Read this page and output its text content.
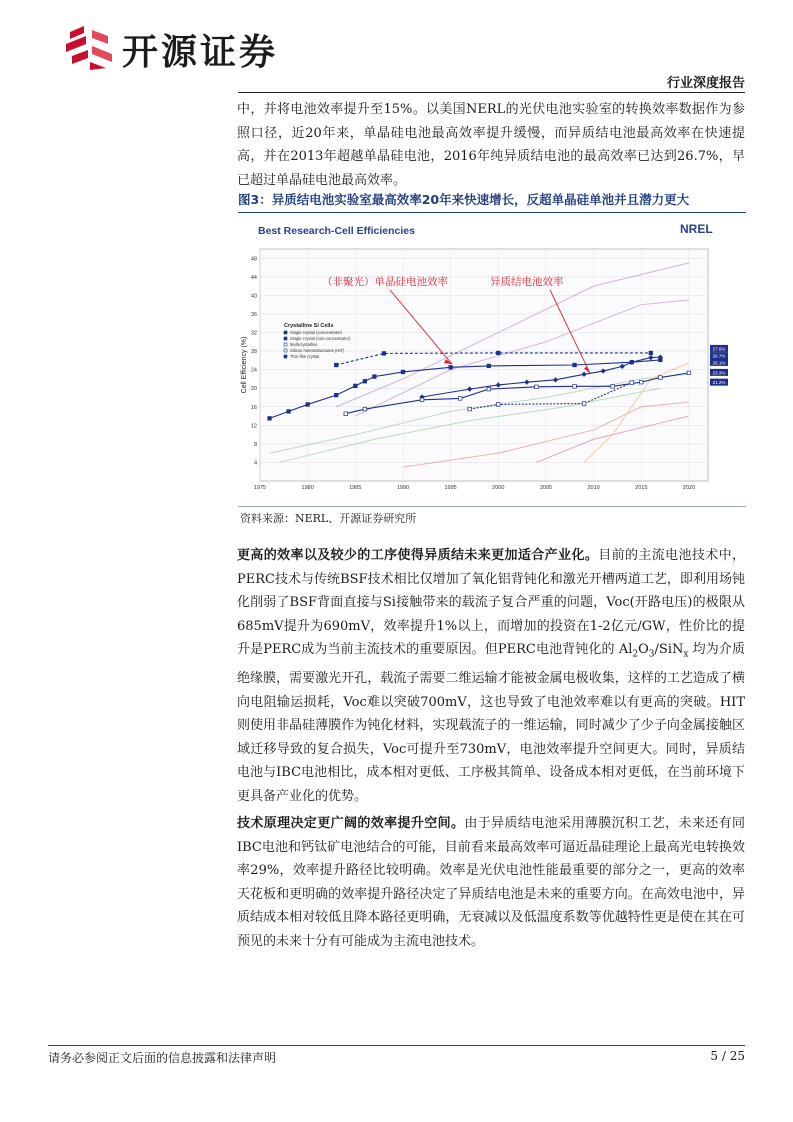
开源证券
行业深度报告

中，并将电池效率提升至15%。以美国NERL的光伏电池实验室的转换效率数据作为参照口径，近20年来，单晶硅电池最高效率提升缓慢，而异质结电池最高效率在快速提高，并在2013年超越单晶硅电池，2016年纯异质结电池的最高效率已达到26.7%，早已超过单晶硅电池最高效率。

图3：异质结电池实验室最高效率20年来快速增长，反超单晶硅单池并且潜力更大
Best Research-Cell Efficiencies	NREL
Cell Efficiency (%)
4
8
12
16
20
24
28
32
36
40
44
48
1975	1980	1985	1990	1995	2000	2005	2010	2015	2020
Crystalline Si Cells
Single crystal (concentrator)
Single crystal (non-concentrator)
Multicrystalline
Silicon heterostructures (HIT)
Thin-film crystal
27.6%
26.7%
26.1%
23.3%
21.2%
（非聚光）单晶硅电池效率	异质结电池效率
资料来源：NERL、开源证券研究所

更高的效率以及较少的工序使得异质结未来更加适合产业化。目前的主流电池技术中，PERC技术与传统BSF技术相比仅增加了氧化铝背钝化和激光开槽两道工艺，即利用场钝化削弱了BSF背面直接与Si接触带来的载流子复合严重的问题，Voc(开路电压)的极限从685mV提升为690mV，效率提升1%以上，而增加的投资在1-2亿元/GW，性价比的提升是PERC成为当前主流技术的重要原因。但PERC电池背钝化的 $Al_2O_3/SiN_x$ 均为介质绝缘膜，需要激光开孔，载流子需要二维运输才能被金属电极收集，这样的工艺造成了横向电阻输运损耗，Voc难以突破700mV，这也导致了电池效率难以有更高的突破。HIT则使用非晶硅薄膜作为钝化材料，实现载流子的一维运输，同时减少了少子向金属接触区域迁移导致的复合损失，Voc可提升至730mV，电池效率提升空间更大。同时，异质结电池与IBC电池相比，成本相对更低、工序极其简单、设备成本相对更低，在当前环境下更具备产业化的优势。

技术原理决定更广阔的效率提升空间。由于异质结电池采用薄膜沉积工艺，未来还有同IBC电池和钙钛矿电池结合的可能，目前看来最高效率可逼近晶硅理论上最高光电转换效率29%，效率提升路径比较明确。效率是光伏电池性能最重要的部分之一，更高的效率天花板和更明确的效率提升路径决定了异质结电池是未来的重要方向。在高效电池中，异质结成本相对较低且降本路径更明确，无衰减以及低温度系数等优越特性更是使在其在可预见的未来十分有可能成为主流电池技术。

请务必参阅正文后面的信息披露和法律声明	5 / 25
